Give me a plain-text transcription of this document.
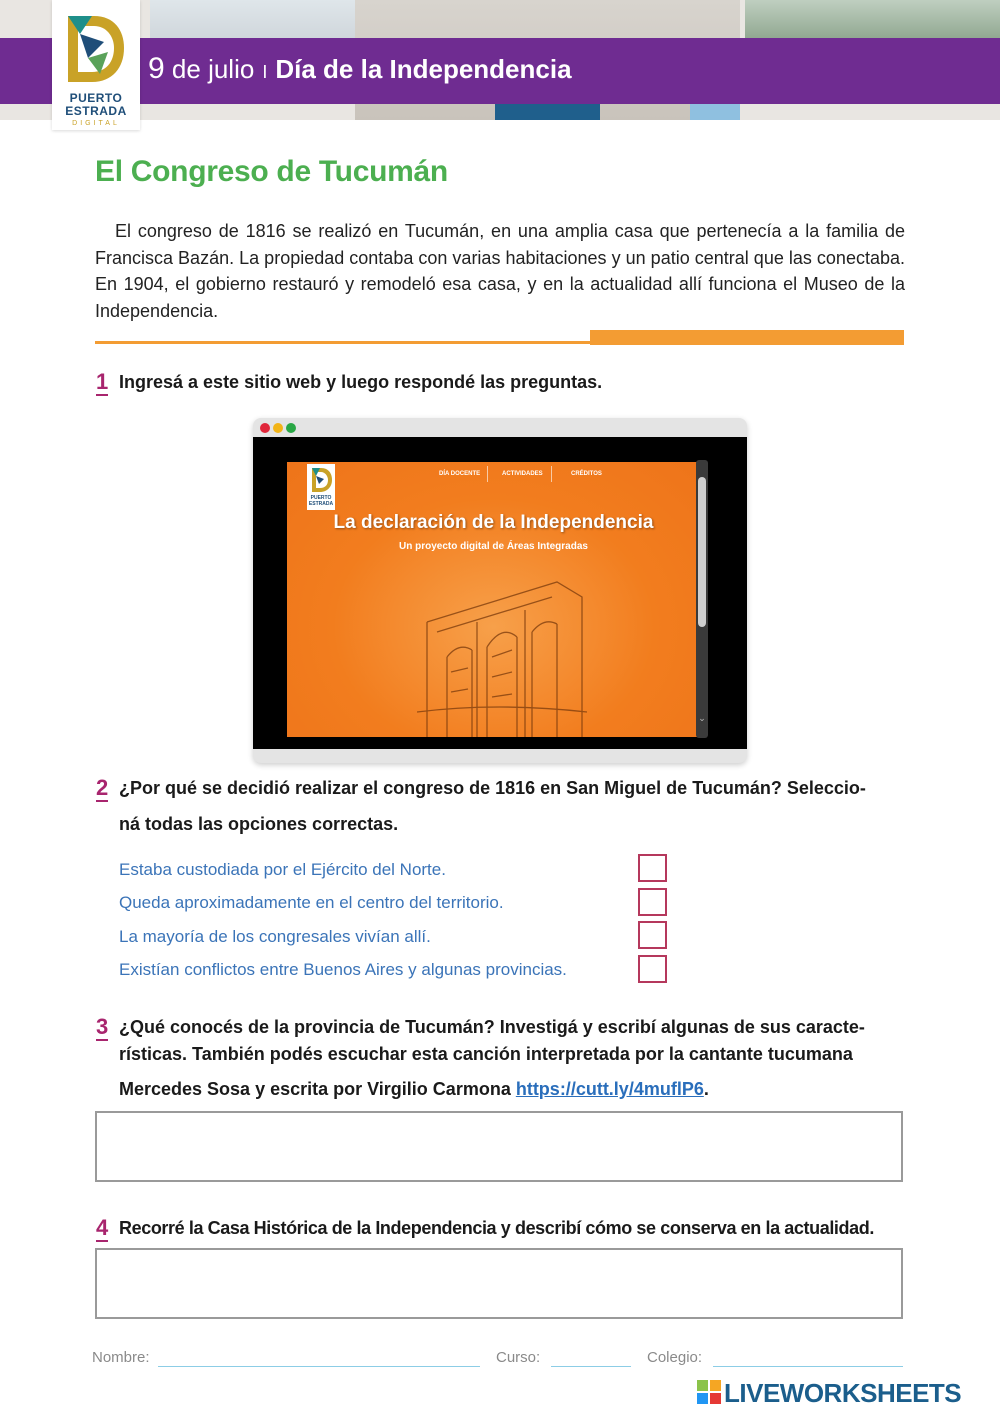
9 de julio I Día de la Independencia
PUERTO
ESTRADA
DIGITAL
El Congreso de Tucumán

El congreso de 1816 se realizó en Tucumán, en una amplia casa que pertenecía a la familia de Francisca Bazán. La propiedad contaba con varias habitaciones y un patio central que las conectaba. En 1904, el gobierno restauró y remodeló esa casa, y en la actualidad allí funciona el Museo de la Independencia.

1 Ingresá a este sitio web y luego respondé las preguntas.
PUERTO
ESTRADA
DÍA DOCENTE	ACTIVIDADES	CRÉDITOS
La declaración de la Independencia
Un proyecto digital de Áreas Integradas
⌄
2 ¿Por qué se decidió realizar el congreso de 1816 en San Miguel de Tucumán? Seleccio-
ná todas las opciones correctas.
Estaba custodiada por el Ejército del Norte.
Queda aproximadamente en el centro del territorio.
La mayoría de los congresales vivían allí.
Existían conflictos entre Buenos Aires y algunas provincias.
3 ¿Qué conocés de la provincia de Tucumán? Investigá y escribí algunas de sus caracte-
rísticas. También podés escuchar esta canción interpretada por la cantante tucumana
Mercedes Sosa y escrita por Virgilio Carmona https://cutt.ly/4muflP6.
4 Recorré la Casa Histórica de la Independencia y describí cómo se conserva en la actualidad.
Nombre:	Curso:	Colegio:
LIVEWORKSHEETS
